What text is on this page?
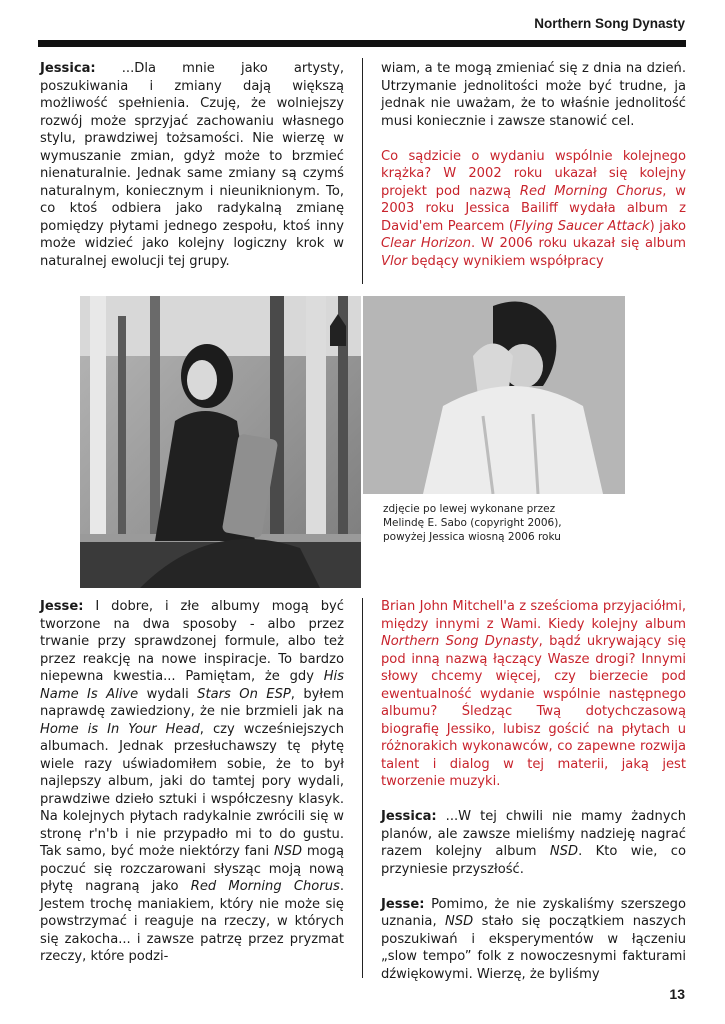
Northern Song Dynasty

Jessica: ...Dla mnie jako artysty, poszukiwania i zmiany dają większą możliwość spełnienia. Czuję, że wolniejszy rozwój może sprzyjać zachowaniu własnego stylu, prawdziwej tożsamości. Nie wierzę w wymuszanie zmian, gdyż może to brzmieć nienaturalnie. Jednak same zmiany są czymś naturalnym, koniecznym i nieuniknionym. To, co ktoś odbiera jako radykalną zmianę pomiędzy płytami jednego zespołu, ktoś inny może widzieć jako kolejny logiczny krok w naturalnej ewolucji tej grupy.

wiam, a te mogą zmieniać się z dnia na dzień. Utrzymanie jednolitości może być trudne, ja jednak nie uważam, że to właśnie jednolitość musi koniecznie i zawsze stanowić cel.

Co sądzicie o wydaniu wspólnie kolejnego krążka? W 2002 roku ukazał się kolejny projekt pod nazwą Red Morning Chorus, w 2003 roku Jessica Bailiff wydała album z David'em Pearcem (Flying Saucer Attack) jako Clear Horizon. W 2006 roku ukazał się album Vlor będący wynikiem współpracy

zdjęcie po lewej wykonane przez
Melindę E. Sabo (copyright 2006),
powyżej Jessica wiosną 2006 roku

Jesse: I dobre, i złe albumy mogą być tworzone na dwa sposoby - albo przez trwanie przy sprawdzonej formule, albo też przez reakcję na nowe inspiracje. To bardzo niepewna kwestia... Pamiętam, że gdy His Name Is Alive wydali Stars On ESP, byłem naprawdę zawiedziony, że nie brzmieli jak na Home is In Your Head, czy wcześniejszych albumach. Jednak przesłuchawszy tę płytę wiele razy uświadomiłem sobie, że to był najlepszy album, jaki do tamtej pory wydali, prawdziwe dzieło sztuki i współczesny klasyk. Na kolejnych płytach radykalnie zwrócili się w stronę r'n'b i nie przypadło mi to do gustu. Tak samo, być może niektórzy fani NSD mogą poczuć się rozczarowani słysząc moją nową płytę nagraną jako Red Morning Chorus. Jestem trochę maniakiem, który nie może się powstrzymać i reaguje na rzeczy, w których się zakocha... i zawsze patrzę przez pryzmat rzeczy, które podzi-

Brian John Mitchell'a z sześcioma przyjaciółmi, między innymi z Wami. Kiedy kolejny album Northern Song Dynasty, bądź ukrywający się pod inną nazwą łączący Wasze drogi? Innymi słowy chcemy więcej, czy bierzecie pod ewentualność wydanie wspólnie następnego albumu? Śledząc Twą dotychczasową biografię Jessiko, lubisz gościć na płytach u różnorakich wykonawców, co zapewne rozwija talent i dialog w tej materii, jaką jest tworzenie muzyki.

Jessica: ...W tej chwili nie mamy żadnych planów, ale zawsze mieliśmy nadzieję nagrać razem kolejny album NSD. Kto wie, co przyniesie przyszłość.

Jesse: Pomimo, że nie zyskaliśmy szerszego uznania, NSD stało się początkiem naszych poszukiwań i eksperymentów w łączeniu „slow tempo” folk z nowoczesnymi fakturami dźwiękowymi. Wierzę, że byliśmy

13
